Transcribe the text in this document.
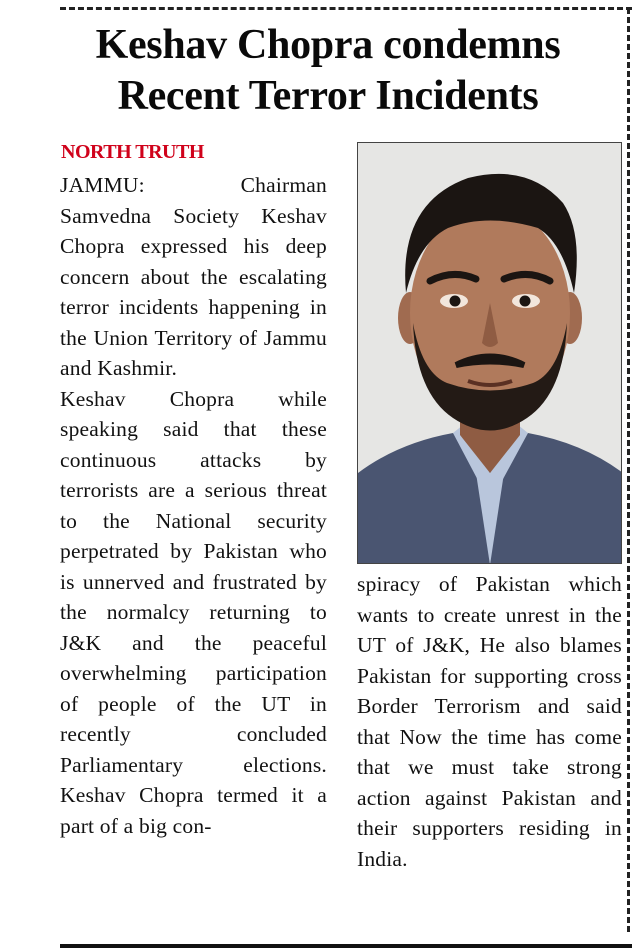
Keshav Chopra condemns
Recent Terror Incidents
NORTH TRUTH

JAMMU: Chairman Samvedna Society Keshav Chopra expressed his deep concern about the escalating terror incidents happening in the Union Territory of Jammu and Kashmir.

Keshav Chopra while speaking said that these continuous attacks by terrorists are a serious threat to the National security perpetrated by Pakistan who is unnerved and frustrated by the normalcy returning to J&K and the peaceful overwhelming participation of people of the UT in recently concluded Parliamentary elections. Keshav Chopra termed it a part of a big con-

spiracy of Pakistan which wants to create unrest in the UT of J&K, He also blames Pakistan for supporting cross Border Terrorism and said that Now the time has come that we must take strong action against Pakistan and their supporters residing in India.
